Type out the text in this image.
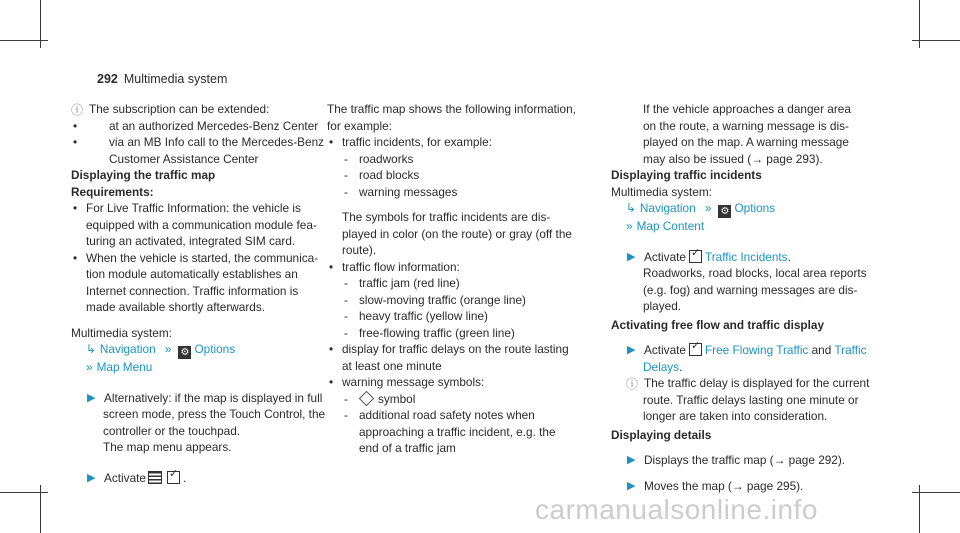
292 Multimedia system
ⓘ The subscription can be extended:
• at an authorized Mercedes-Benz Center
• via an MB Info call to the Mercedes-Benz
Customer Assistance Center
Displaying the traffic map
Requirements:
• For Live Traffic Information: the vehicle is
equipped with a communication module fea-
turing an activated, integrated SIM card.
• When the vehicle is started, the communica-
tion module automatically establishes an
Internet connection. Traffic information is
made available shortly afterwards.
Multimedia system:
↳ Navigation » ⚙ Options
» Map Menu
▶ Alternatively: if the map is displayed in full
screen mode, press the Touch Control, the
controller or the touchpad.
The map menu appears.
▶ Activate ✓ .
The traffic map shows the following information,
for example:
• traffic incidents, for example:
- roadworks
- road blocks
- warning messages
The symbols for traffic incidents are dis-
played in color (on the route) or gray (off the
route).
• traffic flow information:
- traffic jam (red line)
- slow-moving traffic (orange line)
- heavy traffic (yellow line)
- free-flowing traffic (green line)
• display for traffic delays on the route lasting
at least one minute
• warning message symbols:
- symbol
- additional road safety notes when
approaching a traffic incident, e.g. the
end of a traffic jam
If the vehicle approaches a danger area
on the route, a warning message is dis-
played on the map. A warning message
may also be issued (→ page 293).
Displaying traffic incidents
Multimedia system:
↳ Navigation » ⚙ Options
» Map Content
▶ Activate ✓ Traffic Incidents.
Roadworks, road blocks, local area reports
(e.g. fog) and warning messages are dis-
played.
Activating free flow and traffic display
▶ Activate ✓ Free Flowing Traffic and Traffic
Delays.
ⓘ The traffic delay is displayed for the current
route. Traffic delays lasting one minute or
longer are taken into consideration.
Displaying details
▶ Displays the traffic map (→ page 292).
▶ Moves the map (→ page 295).
carmanualsonline.info
